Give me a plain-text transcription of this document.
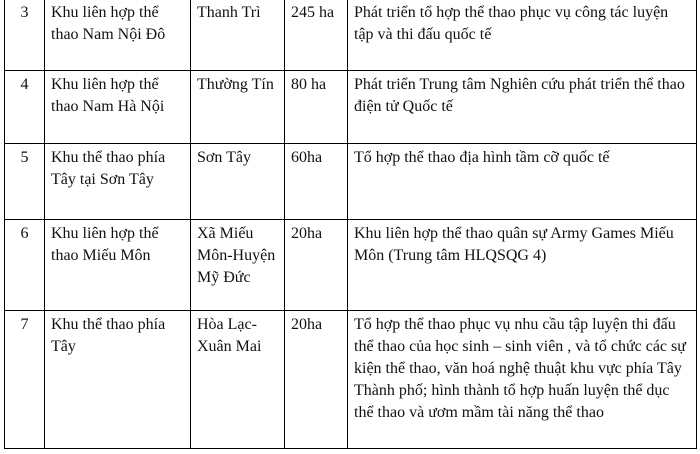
3	Khu liên hợp thể thao Nam Nội Đô	Thanh Trì	245 ha	Phát triển tổ hợp thể thao phục vụ công tác luyện tập và thi đấu quốc tế
4	Khu liên hợp thể thao Nam Hà Nội	Thường Tín	80 ha	Phát triển Trung tâm Nghiên cứu phát triển thể thao điện tử Quốc tế
5	Khu thể thao phía Tây tại Sơn Tây	Sơn Tây	60ha	Tổ hợp thể thao địa hình tầm cỡ quốc tế
6	Khu liên hợp thể thao Miếu Môn	Xã Miếu Môn-Huyện Mỹ Đức	20ha	Khu liên hợp thể thao quân sự Army Games Miếu Môn (Trung tâm HLQSQG 4)
7	Khu thể thao phía Tây	Hòa Lạc-Xuân Mai	20ha	Tổ hợp thể thao phục vụ nhu cầu tập luyện thi đấu thể thao của học sinh – sinh viên , và tổ chức các sự kiện thể thao, văn hoá nghệ thuật khu vực phía Tây Thành phố; hình thành tổ hợp huấn luyện thể dục thể thao và ươm mầm tài năng thể thao
